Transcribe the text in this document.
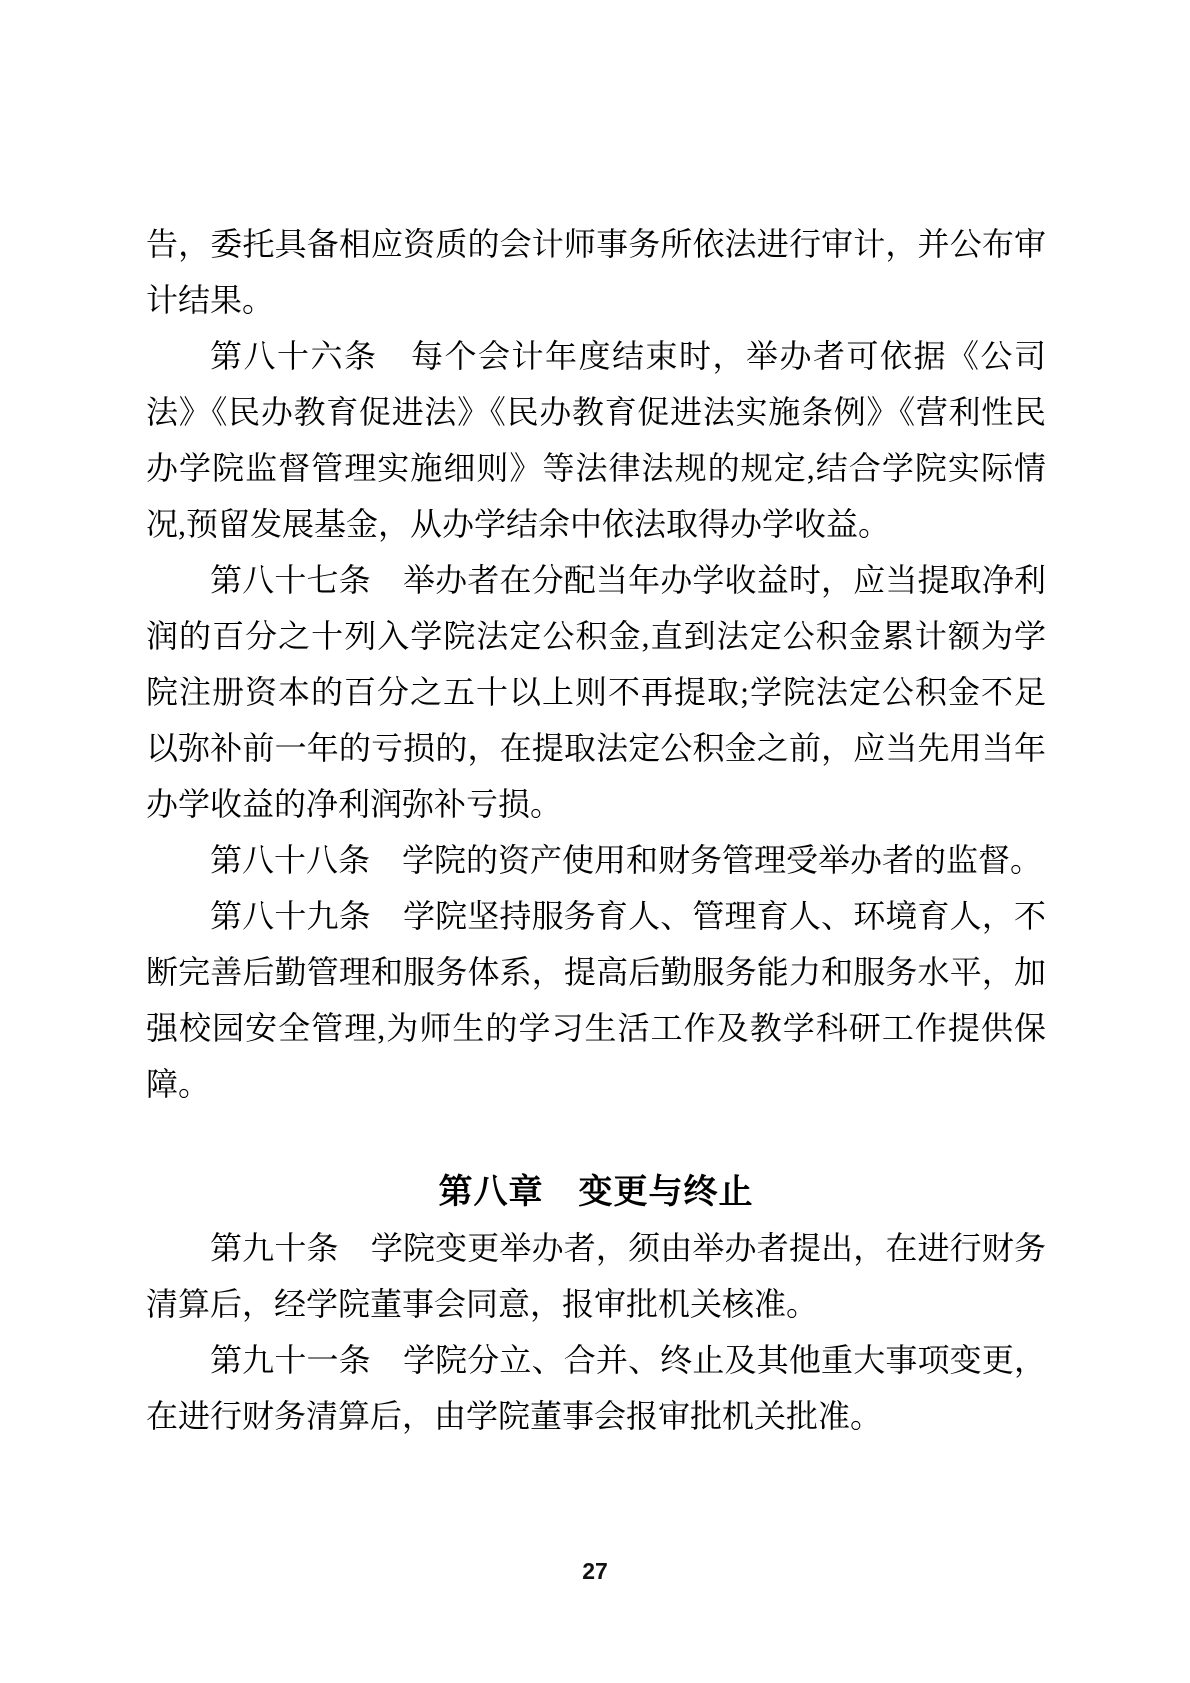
告，委托具备相应资质的会计师事务所依法进行审计，并公布审计结果。

第八十六条　每个会计年度结束时，举办者可依据《公司法》《民办教育促进法》《民办教育促进法实施条例》《营利性民办学院监督管理实施细则》等法律法规的规定,结合学院实际情况,预留发展基金，从办学结余中依法取得办学收益。

第八十七条　举办者在分配当年办学收益时，应当提取净利润的百分之十列入学院法定公积金,直到法定公积金累计额为学院注册资本的百分之五十以上则不再提取;学院法定公积金不足以弥补前一年的亏损的，在提取法定公积金之前，应当先用当年办学收益的净利润弥补亏损。

第八十八条　学院的资产使用和财务管理受举办者的监督。

第八十九条　学院坚持服务育人、管理育人、环境育人，不断完善后勤管理和服务体系，提高后勤服务能力和服务水平，加强校园安全管理,为师生的学习生活工作及教学科研工作提供保障。

第八章　变更与终止

第九十条　学院变更举办者，须由举办者提出，在进行财务清算后，经学院董事会同意，报审批机关核准。

第九十一条　学院分立、合并、终止及其他重大事项变更，在进行财务清算后，由学院董事会报审批机关批准。

27
